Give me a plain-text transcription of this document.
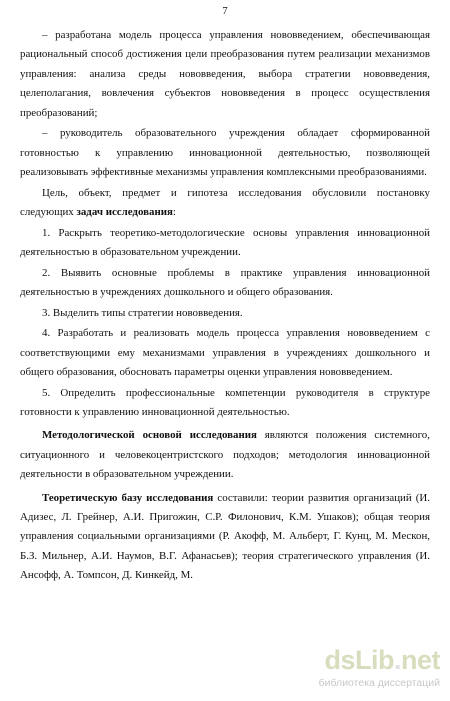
7

– разработана модель процесса управления нововведением, обеспечивающая рациональный способ достижения цели преобразования путем реализации механизмов управления: анализа среды нововведения, выбора стратегии нововведения, целеполагания, вовлечения субъектов нововведения в процесс осуществления преобразований;

– руководитель образовательного учреждения обладает сформированной готовностью к управлению инновационной деятельностью, позволяющей реализовывать эффективные механизмы управления комплексными преобразованиями.

Цель, объект, предмет и гипотеза исследования обусловили постановку следующих задач исследования:

1. Раскрыть теоретико-методологические основы управления инновационной деятельностью в образовательном учреждении.

2. Выявить основные проблемы в практике управления инновационной деятельностью в учреждениях дошкольного и общего образования.

3. Выделить типы стратегии нововведения.

4. Разработать и реализовать модель процесса управления нововведением с соответствующими ему механизмами управления в учреждениях дошкольного и общего образования, обосновать параметры оценки управления нововведением.

5. Определить профессиональные компетенции руководителя в структуре готовности к управлению инновационной деятельностью.

Методологической основой исследования являются положения системного, ситуационного и человекоцентристского подходов; методология инновационной деятельности в образовательном учреждении.

Теоретическую базу исследования составили: теории развития организаций (И. Адизес, Л. Грейнер, А.И. Пригожин, С.Р. Филонович, К.М. Ушаков); общая теория управления социальными организациями (Р. Акофф, М. Альберт, Г. Кунц, М. Мескон, Б.З. Мильнер, А.И. Наумов, В.Г. Афанасьев); теория стратегического управления (И. Ансофф, А. Томпсон, Д. Кинкейд, М.

dsLib.net
библиотека диссертаций
